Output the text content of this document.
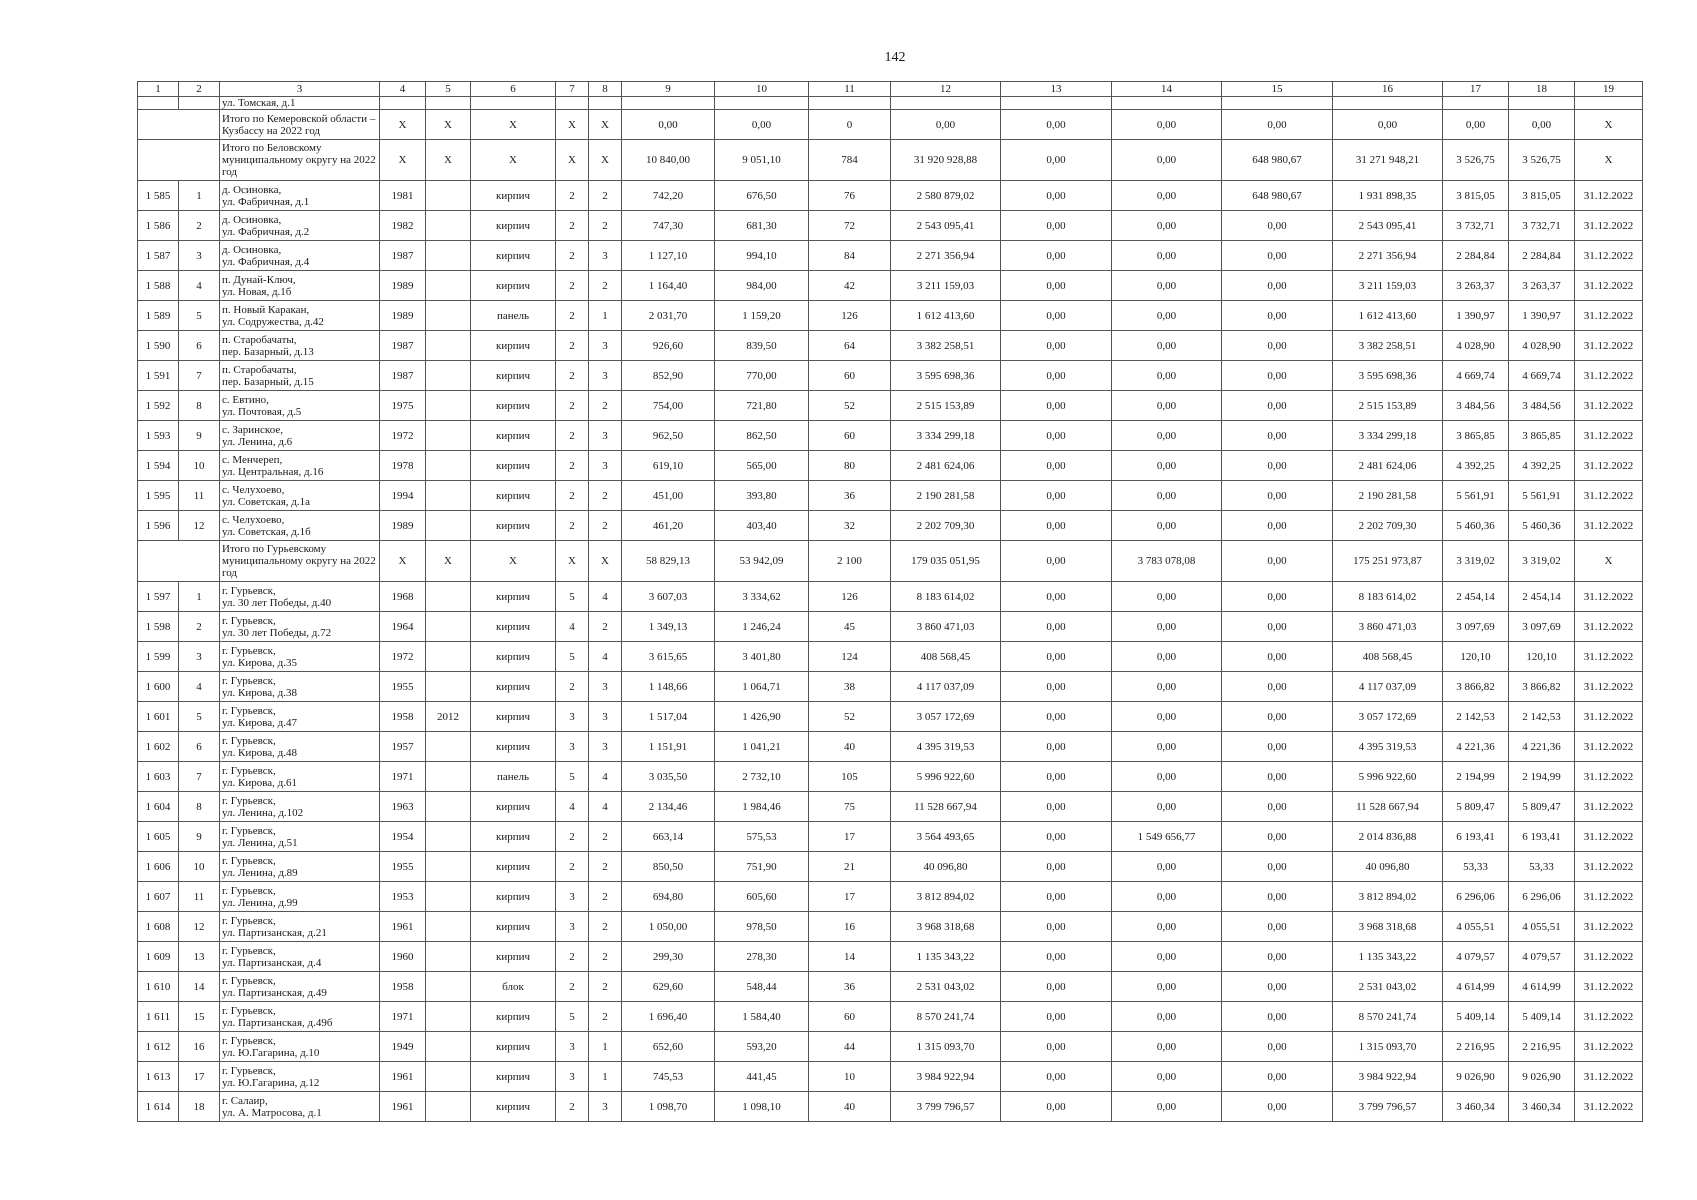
142
1	2	3	4	5	6	7	8	9	10	11	12	13	14	15	16	17	18	19
		ул. Томская, д.1																
		Итого по Кемеровской области – Кузбассу на 2022 год	X	X	X	X	X	0,00	0,00	0	0,00	0,00	0,00	0,00	0,00	0,00	0,00	X
		Итого по Беловскому муниципальному округу на 2022 год	X	X	X	X	X	10 840,00	9 051,10	784	31 920 928,88	0,00	0,00	648 980,67	31 271 948,21	3 526,75	3 526,75	X
1 585	1	д. Осиновка,
ул. Фабричная, д.1	1981		кирпич	2	2	742,20	676,50	76	2 580 879,02	0,00	0,00	648 980,67	1 931 898,35	3 815,05	3 815,05	31.12.2022
1 586	2	д. Осиновка,
ул. Фабричная, д.2	1982		кирпич	2	2	747,30	681,30	72	2 543 095,41	0,00	0,00	0,00	2 543 095,41	3 732,71	3 732,71	31.12.2022
1 587	3	д. Осиновка,
ул. Фабричная, д.4	1987		кирпич	2	3	1 127,10	994,10	84	2 271 356,94	0,00	0,00	0,00	2 271 356,94	2 284,84	2 284,84	31.12.2022
1 588	4	п. Дунай-Ключ,
ул. Новая, д.1б	1989		кирпич	2	2	1 164,40	984,00	42	3 211 159,03	0,00	0,00	0,00	3 211 159,03	3 263,37	3 263,37	31.12.2022
1 589	5	п. Новый Каракан,
ул. Содружества, д.42	1989		панель	2	1	2 031,70	1 159,20	126	1 612 413,60	0,00	0,00	0,00	1 612 413,60	1 390,97	1 390,97	31.12.2022
1 590	6	п. Старобачаты,
пер. Базарный, д.13	1987		кирпич	2	3	926,60	839,50	64	3 382 258,51	0,00	0,00	0,00	3 382 258,51	4 028,90	4 028,90	31.12.2022
1 591	7	п. Старобачаты,
пер. Базарный, д.15	1987		кирпич	2	3	852,90	770,00	60	3 595 698,36	0,00	0,00	0,00	3 595 698,36	4 669,74	4 669,74	31.12.2022
1 592	8	с. Евтино,
ул. Почтовая, д.5	1975		кирпич	2	2	754,00	721,80	52	2 515 153,89	0,00	0,00	0,00	2 515 153,89	3 484,56	3 484,56	31.12.2022
1 593	9	с. Заринское,
ул. Ленина, д.6	1972		кирпич	2	3	962,50	862,50	60	3 334 299,18	0,00	0,00	0,00	3 334 299,18	3 865,85	3 865,85	31.12.2022
1 594	10	с. Менчереп,
ул. Центральная, д.16	1978		кирпич	2	3	619,10	565,00	80	2 481 624,06	0,00	0,00	0,00	2 481 624,06	4 392,25	4 392,25	31.12.2022
1 595	11	с. Челухоево,
ул. Советская, д.1а	1994		кирпич	2	2	451,00	393,80	36	2 190 281,58	0,00	0,00	0,00	2 190 281,58	5 561,91	5 561,91	31.12.2022
1 596	12	с. Челухоево,
ул. Советская, д.1б	1989		кирпич	2	2	461,20	403,40	32	2 202 709,30	0,00	0,00	0,00	2 202 709,30	5 460,36	5 460,36	31.12.2022
		Итого по Гурьевскому муниципальному округу на 2022 год	X	X	X	X	X	58 829,13	53 942,09	2 100	179 035 051,95	0,00	3 783 078,08	0,00	175 251 973,87	3 319,02	3 319,02	X
1 597	1	г. Гурьевск,
ул. 30 лет Победы, д.40	1968		кирпич	5	4	3 607,03	3 334,62	126	8 183 614,02	0,00	0,00	0,00	8 183 614,02	2 454,14	2 454,14	31.12.2022
1 598	2	г. Гурьевск,
ул. 30 лет Победы, д.72	1964		кирпич	4	2	1 349,13	1 246,24	45	3 860 471,03	0,00	0,00	0,00	3 860 471,03	3 097,69	3 097,69	31.12.2022
1 599	3	г. Гурьевск,
ул. Кирова, д.35	1972		кирпич	5	4	3 615,65	3 401,80	124	408 568,45	0,00	0,00	0,00	408 568,45	120,10	120,10	31.12.2022
1 600	4	г. Гурьевск,
ул. Кирова, д.38	1955		кирпич	2	3	1 148,66	1 064,71	38	4 117 037,09	0,00	0,00	0,00	4 117 037,09	3 866,82	3 866,82	31.12.2022
1 601	5	г. Гурьевск,
ул. Кирова, д.47	1958	2012	кирпич	3	3	1 517,04	1 426,90	52	3 057 172,69	0,00	0,00	0,00	3 057 172,69	2 142,53	2 142,53	31.12.2022
1 602	6	г. Гурьевск,
ул. Кирова, д.48	1957		кирпич	3	3	1 151,91	1 041,21	40	4 395 319,53	0,00	0,00	0,00	4 395 319,53	4 221,36	4 221,36	31.12.2022
1 603	7	г. Гурьевск,
ул. Кирова, д.61	1971		панель	5	4	3 035,50	2 732,10	105	5 996 922,60	0,00	0,00	0,00	5 996 922,60	2 194,99	2 194,99	31.12.2022
1 604	8	г. Гурьевск,
ул. Ленина, д.102	1963		кирпич	4	4	2 134,46	1 984,46	75	11 528 667,94	0,00	0,00	0,00	11 528 667,94	5 809,47	5 809,47	31.12.2022
1 605	9	г. Гурьевск,
ул. Ленина, д.51	1954		кирпич	2	2	663,14	575,53	17	3 564 493,65	0,00	1 549 656,77	0,00	2 014 836,88	6 193,41	6 193,41	31.12.2022
1 606	10	г. Гурьевск,
ул. Ленина, д.89	1955		кирпич	2	2	850,50	751,90	21	40 096,80	0,00	0,00	0,00	40 096,80	53,33	53,33	31.12.2022
1 607	11	г. Гурьевск,
ул. Ленина, д.99	1953		кирпич	3	2	694,80	605,60	17	3 812 894,02	0,00	0,00	0,00	3 812 894,02	6 296,06	6 296,06	31.12.2022
1 608	12	г. Гурьевск,
ул. Партизанская, д.21	1961		кирпич	3	2	1 050,00	978,50	16	3 968 318,68	0,00	0,00	0,00	3 968 318,68	4 055,51	4 055,51	31.12.2022
1 609	13	г. Гурьевск,
ул. Партизанская, д.4	1960		кирпич	2	2	299,30	278,30	14	1 135 343,22	0,00	0,00	0,00	1 135 343,22	4 079,57	4 079,57	31.12.2022
1 610	14	г. Гурьевск,
ул. Партизанская, д.49	1958		блок	2	2	629,60	548,44	36	2 531 043,02	0,00	0,00	0,00	2 531 043,02	4 614,99	4 614,99	31.12.2022
1 611	15	г. Гурьевск,
ул. Партизанская, д.49б	1971		кирпич	5	2	1 696,40	1 584,40	60	8 570 241,74	0,00	0,00	0,00	8 570 241,74	5 409,14	5 409,14	31.12.2022
1 612	16	г. Гурьевск,
ул. Ю.Гагарина, д.10	1949		кирпич	3	1	652,60	593,20	44	1 315 093,70	0,00	0,00	0,00	1 315 093,70	2 216,95	2 216,95	31.12.2022
1 613	17	г. Гурьевск,
ул. Ю.Гагарина, д.12	1961		кирпич	3	1	745,53	441,45	10	3 984 922,94	0,00	0,00	0,00	3 984 922,94	9 026,90	9 026,90	31.12.2022
1 614	18	г. Салаир,
ул. А. Матросова, д.1	1961		кирпич	2	3	1 098,70	1 098,10	40	3 799 796,57	0,00	0,00	0,00	3 799 796,57	3 460,34	3 460,34	31.12.2022
